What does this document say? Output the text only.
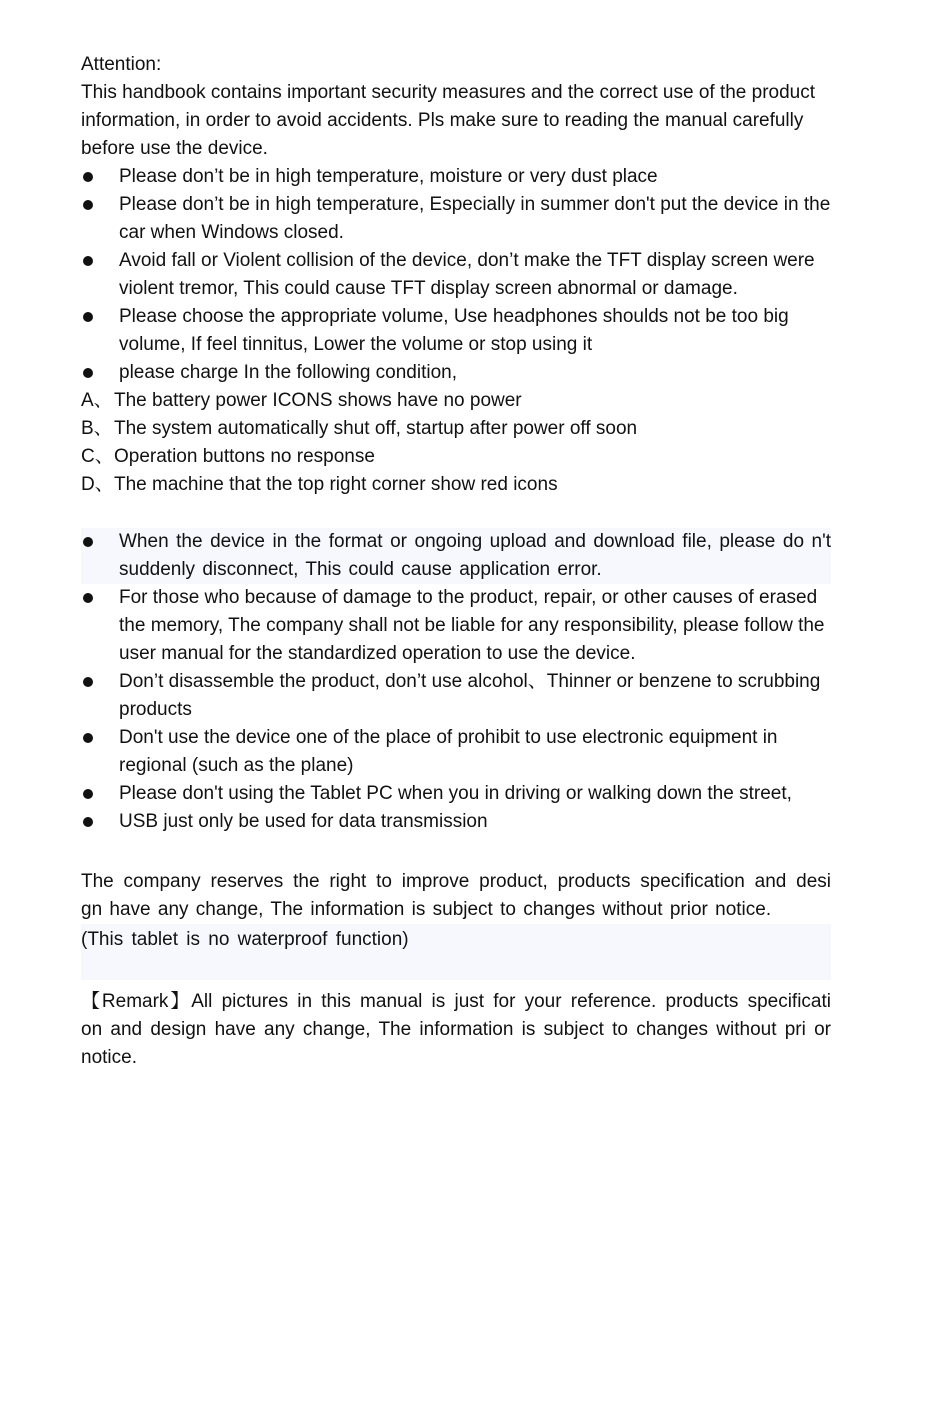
Attention:

This handbook contains important security measures and the correct use of the product information, in order to avoid accidents. Pls make sure to reading the manual carefully before use the device.

Please don’t be in high temperature, moisture or very dust place
Please don’t be in high temperature, Especially in summer don't put the device in the car when Windows closed.
Avoid fall or Violent collision of the device, don’t make the TFT display screen were violent tremor, This could cause TFT display screen abnormal or damage.
Please choose the appropriate volume, Use headphones shoulds not be too big volume, If feel tinnitus, Lower the volume or stop using it
please charge In the following condition,
A、 The battery power ICONS shows have no power
B、 The system automatically shut off, startup after power off soon
C、 Operation buttons no response
D、 The machine that the top right corner show red icons
When the device in the format or ongoing upload and download file, please do n't suddenly disconnect, This could cause application error.
For those who because of damage to the product, repair, or other causes of erased the memory, The company shall not be liable for any responsibility, please follow the user manual for the standardized operation to use the device.
Don’t disassemble the product, don’t use alcohol、Thinner or benzene to scrubbing products
Don't use the device one of the place of prohibit to use electronic equipment in regional (such as the plane)
Please don't using the Tablet PC when you in driving or walking down the street,
USB just only be used for data transmission

The company reserves the right to improve product, products specification and desi gn have any change, The information is subject to changes without prior notice.

(This tablet is no waterproof function)

【Remark】All pictures in this manual is just for your reference. products specificati on and design have any change, The information is subject to changes without pri or notice.
